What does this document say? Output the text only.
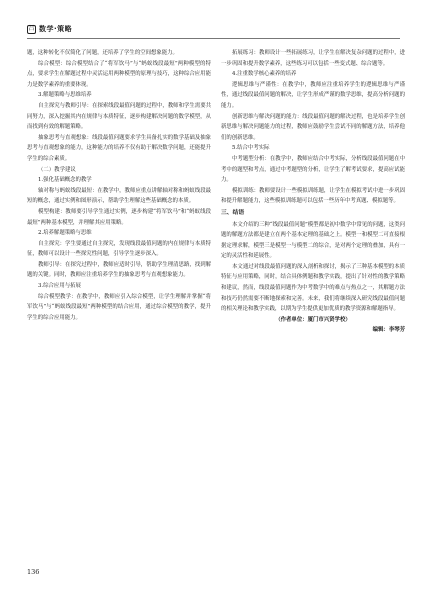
吕 数学·策略

题，这种转化不仅简化了问题，还培养了学生的空间想象能力。

综合模型：综合模型结合了“将军饮马”与“蚂蚁线段最短”两种模型的特点，要求学生在解题过程中灵活运用两种模型的原理与技巧，这种综合应用能力是数学素养的重要体现。

3.解题策略与思维培养

自主探究与教师引导：在探索线段最值问题的过程中，教师和学生需要共同努力，深入挖掘其内在规律与本质特征，逐步构建解决问题的数学模型，从而找到有效的解题策略。

抽象思考与直观想象：线段最值问题要求学生具备扎实的数学基础及抽象思考与直观想象的能力，这种能力的培养不仅有助于解决数学问题，还能提升学生的综合素质。

（二）教学建议
1.强化基础概念的教学

轴对称与蚂蚁线段最短：在教学中，教师应重点讲解轴对称和蚂蚁线段最短的概念，通过实例和图形演示，帮助学生理解这些基础概念的本质。

模型构建：教师要引导学生通过实例，逐步构建“将军饮马”和“蚂蚁线段最短”两种基本模型，并理解其应用策略。

2.培养解题策略与思维

自主探究：学生要通过自主探究，发现线段最值问题的内在规律与本质特征，教师可以设计一些探究性问题，引导学生逐步深入。

教师引导：在探究过程中，教师应适时引导，帮助学生理清思路，找到解题的关键。同时，教师应注重培养学生的抽象思考与直观想象能力。

3.综合应用与拓展

综合模型教学：在教学中，教师应引入综合模型，让学生理解并掌握“将军饮马”与“蚂蚁线段最短”两种模型的结合应用，通过综合模型的教学，提升学生的综合应用能力。

拓展练习：教师设计一些拓展练习，让学生在解决复杂问题的过程中，进一步巩固和提升数学素养，这些练习可以包括一些变式题、综合题等。

4.注重数学核心素养的培养

逻辑思维与严谨性：在教学中，教师应注重培养学生的逻辑思维与严谨性，通过线段最值问题的解决，让学生形成严谨的数学思维，提高分析问题的能力。

创新思维与解决问题的能力：线段最值问题的解决过程，也是培养学生创新思维与解决问题能力的过程，教师应鼓励学生尝试不同的解题方法，培养他们的创新思维。

5.结合中考实际

中考题型分析：在教学中，教师应结合中考实际，分析线段最值问题在中考中的题型和考点，通过中考题型的分析，让学生了解考试要求，提高应试能力。

模拟训练：教师要设计一些模拟训练题，让学生在模拟考试中进一步巩固和提升解题能力，这些模拟训练题可以包括一些历年中考真题、模拟题等。

三、结语

本文介绍的三种“线段最值问题”模型都是初中数学中常见的问题，这类问题的解题方法都是建立在两个基本定理的基础之上。模型一和模型二可直接根据定理求解，模型三是模型一与模型二的综合，是对两个定理的叠加，具有一定的灵活性和延展性。

本文通过对线段最值问题的深入剖析和探讨，揭示了三种基本模型的本质特征与应用策略，同时，结合具体例题和教学实践，提出了针对性的教学策略和建议，然而，线段最值问题作为中考数学中的难点与热点之一，其解题方法和技巧仍然需要不断地探索和完善。未来，我们将继续深入研究线段最值问题的相关理论和教学实践，以期为学生提供更加优质的教学资源和解题指导。

（作者单位：厦门市兴贤学校）

编辑：李琴芳

136
